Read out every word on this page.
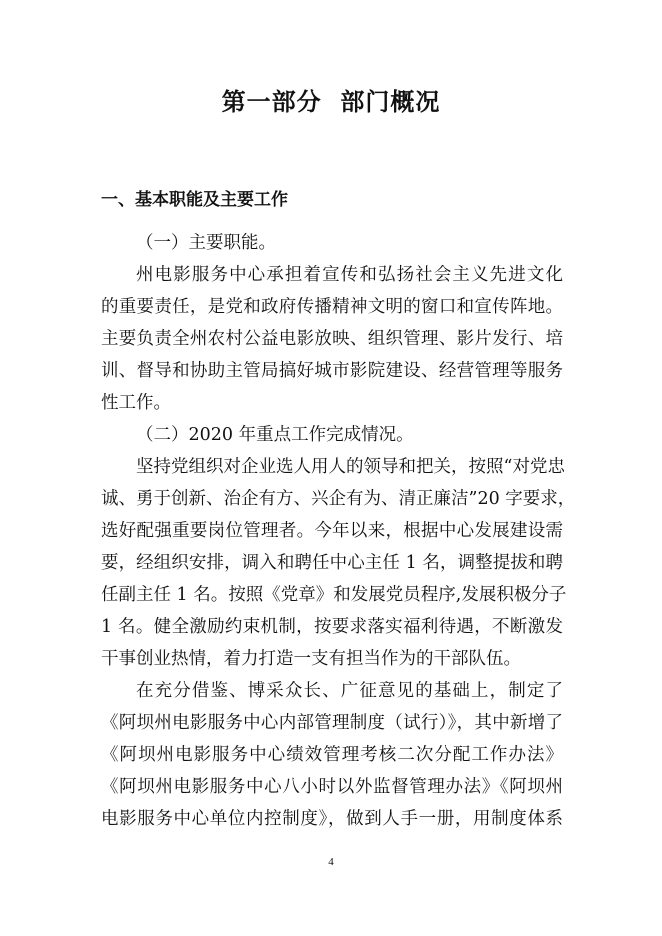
第一部分  部门概况
一、基本职能及主要工作
（一）主要职能。
州电影服务中心承担着宣传和弘扬社会主义先进文化
的重要责任，是党和政府传播精神文明的窗口和宣传阵地。
主要负责全州农村公益电影放映、组织管理、影片发行、培
训、督导和协助主管局搞好城市影院建设、经营管理等服务
性工作。
（二）2020 年重点工作完成情况。
坚持党组织对企业选人用人的领导和把关，按照“对党忠
诚、勇于创新、治企有方、兴企有为、清正廉洁”20 字要求，
选好配强重要岗位管理者。今年以来，根据中心发展建设需
要，经组织安排，调入和聘任中心主任 1 名，调整提拔和聘
任副主任 1 名。按照《党章》和发展党员程序,发展积极分子
1 名。健全激励约束机制，按要求落实福利待遇，不断激发
干事创业热情，着力打造一支有担当作为的干部队伍。
在充分借鉴、博采众长、广征意见的基础上，制定了
《阿坝州电影服务中心内部管理制度（试行）》，其中新增了
《阿坝州电影服务中心绩效管理考核二次分配工作办法》
《阿坝州电影服务中心八小时以外监督管理办法》《阿坝州
电影服务中心单位内控制度》，做到人手一册，用制度体系
4
